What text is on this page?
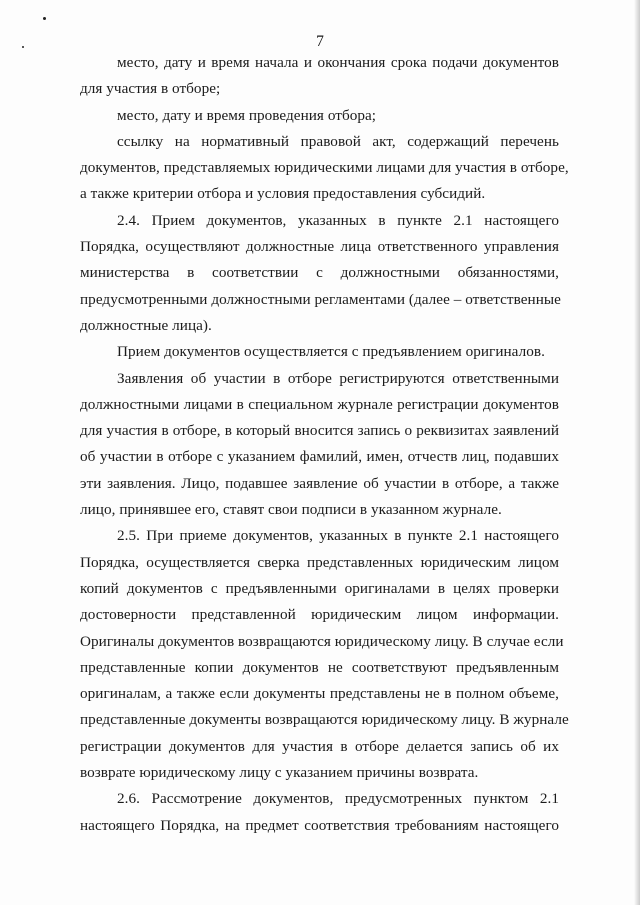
7
место, дату и время начала и окончания срока подачи документов
для участия в отборе;
место, дату и время проведения отбора;
ссылку на нормативный правовой акт, содержащий перечень
документов, представляемых юридическими лицами для участия в отборе,
а также критерии отбора и условия предоставления субсидий.
2.4. Прием документов, указанных в пункте 2.1 настоящего
Порядка, осуществляют должностные лица ответственного управления
министерства в соответствии с должностными обязанностями,
предусмотренными должностными регламентами (далее – ответственные
должностные лица).
Прием документов осуществляется с предъявлением оригиналов.
Заявления об участии в отборе регистрируются ответственными
должностными лицами в специальном журнале регистрации документов
для участия в отборе, в который вносится запись о реквизитах заявлений
об участии в отборе с указанием фамилий, имен, отчеств лиц, подавших
эти заявления. Лицо, подавшее заявление об участии в отборе, а также
лицо, принявшее его, ставят свои подписи в указанном журнале.
2.5. При приеме документов, указанных в пункте 2.1 настоящего
Порядка, осуществляется сверка представленных юридическим лицом
копий документов с предъявленными оригиналами в целях проверки
достоверности представленной юридическим лицом информации.
Оригиналы документов возвращаются юридическому лицу. В случае если
представленные копии документов не соответствуют предъявленным
оригиналам, а также если документы представлены не в полном объеме,
представленные документы возвращаются юридическому лицу. В журнале
регистрации документов для участия в отборе делается запись об их
возврате юридическому лицу с указанием причины возврата.
2.6. Рассмотрение документов, предусмотренных пунктом 2.1
настоящего Порядка, на предмет соответствия требованиям настоящего
